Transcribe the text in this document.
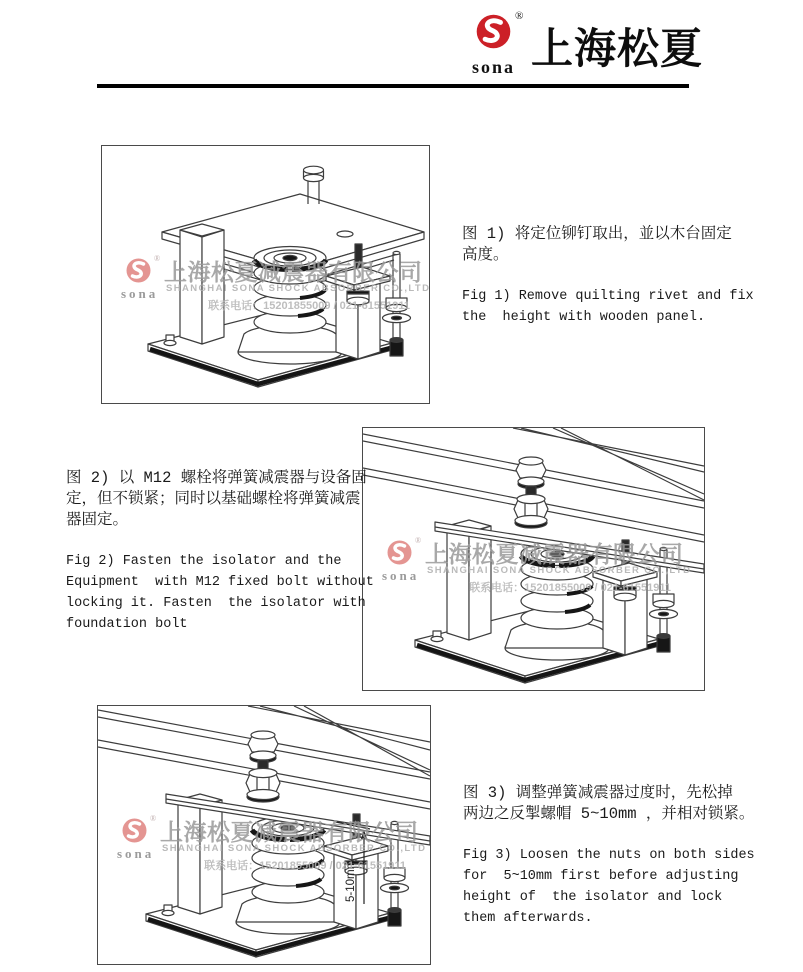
®
sona 上海松夏
®
sona
上海松夏减震器有限公司
SHANGHAI SONA SHOCK ABSORBER CO.,LTD
联系电话：15201855009 / 021-61551911
®
sona
上海松夏减震器有限公司
SHANGHAI SONA SHOCK ABSORBER CO.,LTD
联系电话：15201855009 / 021-61551911
5-10mm
®
sona
上海松夏减震器有限公司
SHANGHAI SONA SHOCK ABSORBER CO.,LTD
联系电话：15201855009 / 021-61551911
图 1) 将定位铆钉取出，並以木台固定
高度。
Fig 1) Remove quilting rivet and fix
the  height with wooden panel.
图 2) 以 M12 螺栓将弹簧减震器与设备固
定，但不锁紧；同时以基础螺栓将弹簧减震
器固定。
Fig 2) Fasten the isolator and the
Equipment  with M12 fixed bolt without
locking it. Fasten  the isolator with
foundation bolt
图 3) 调整弹簧减震器过度时，先松掉
两边之反掣螺帽 5~10mm ，并相对锁紧。
Fig 3) Loosen the nuts on both sides
for  5~10mm first before adjusting
height of  the isolator and lock
them afterwards.
